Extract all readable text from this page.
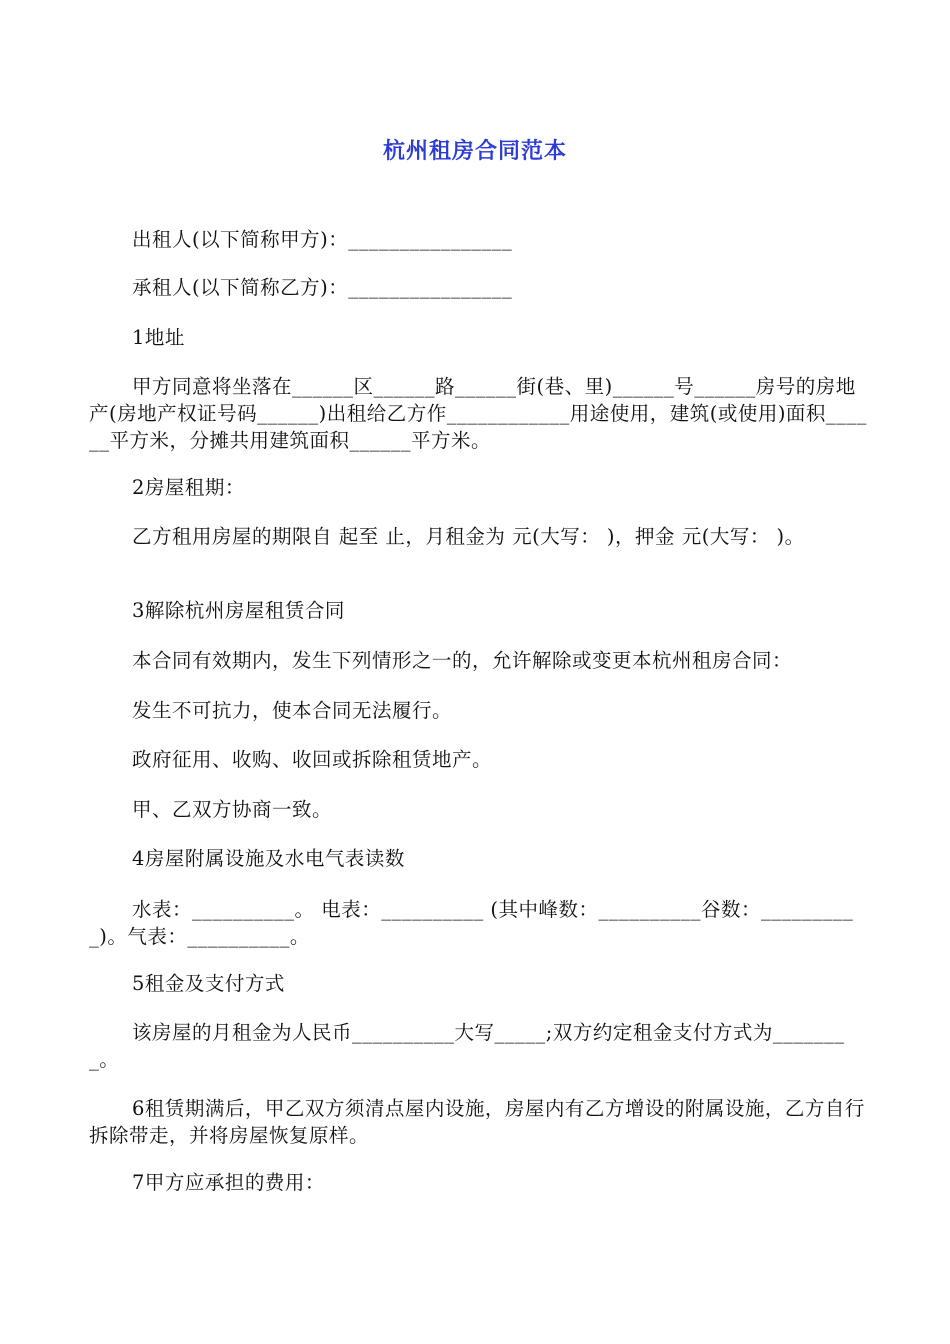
杭州租房合同范本

出租人(以下简称甲方)：________________

承租人(以下简称乙方)：________________

1地址

甲方同意将坐落在______区______路______街(巷、里)______号______房号的房地产(房地产权证号码______)出租给乙方作____________用途使用，建筑(或使用)面积______平方米，分摊共用建筑面积______平方米。

2房屋租期：

乙方租用房屋的期限自 起至 止，月租金为 元(大写： )，押金 元(大写： )。

3解除杭州房屋租赁合同

本合同有效期内，发生下列情形之一的，允许解除或变更本杭州租房合同：

发生不可抗力，使本合同无法履行。

政府征用、收购、收回或拆除租赁地产。

甲、乙双方协商一致。

4房屋附属设施及水电气表读数

水表：__________。 电表：__________ (其中峰数：__________谷数：__________)。气表：__________。

5租金及支付方式

该房屋的月租金为人民币__________大写_____;双方约定租金支付方式为________。

6租赁期满后，甲乙双方须清点屋内设施，房屋内有乙方增设的附属设施，乙方自行拆除带走，并将房屋恢复原样。

7甲方应承担的费用：
